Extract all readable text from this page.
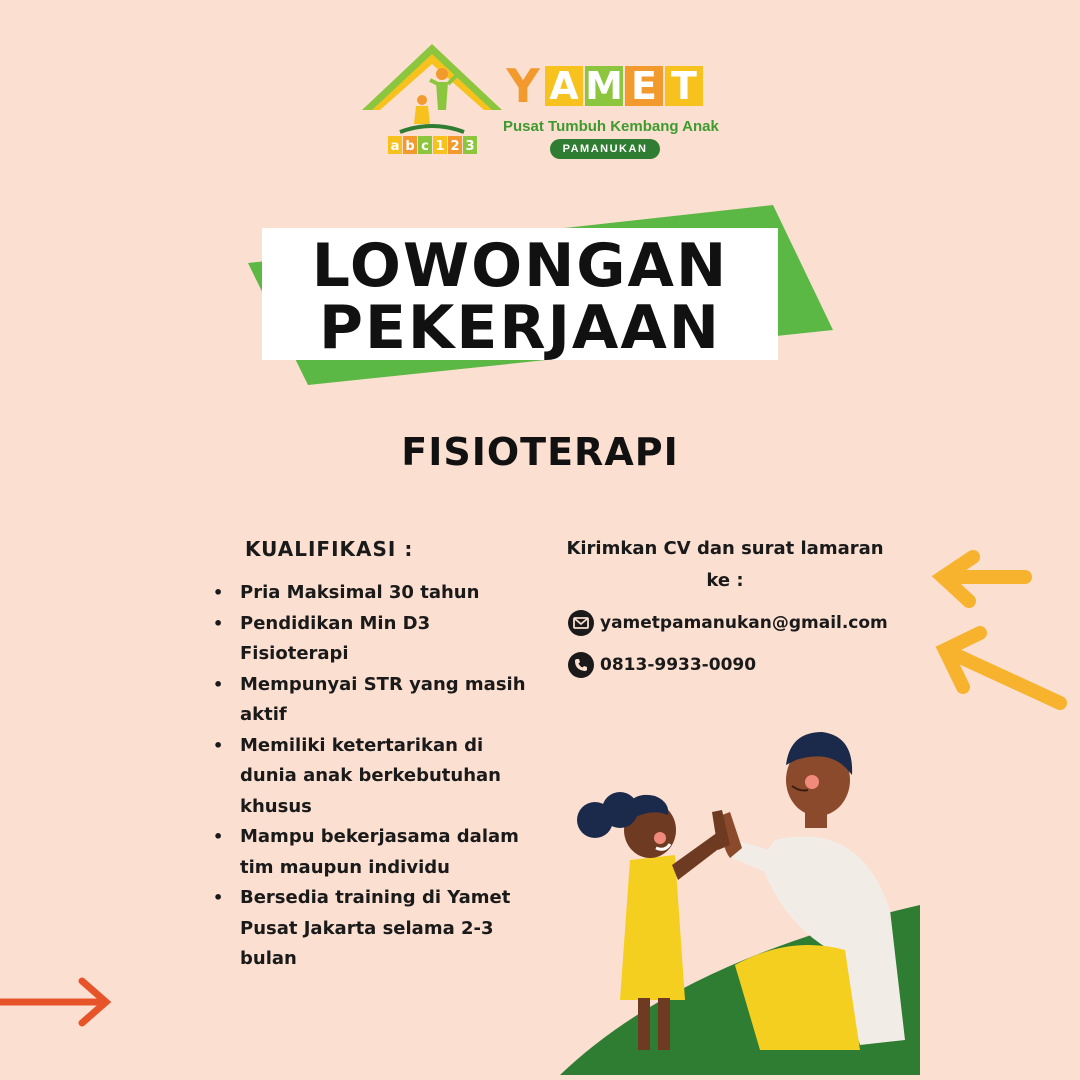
a b c 1 2 3
Y A M E T
Pusat Tumbuh Kembang Anak
PAMANUKAN
LOWONGAN
PEKERJAAN
FISIOTERAPI
KUALIFIKASI :
• Pria Maksimal 30 tahun
• Pendidikan Min D3 Fisioterapi
• Mempunyai STR yang masih aktif
• Memiliki ketertarikan di dunia anak berkebutuhan khusus
• Mampu bekerjasama dalam tim maupun individu
• Bersedia training di Yamet Pusat Jakarta selama 2-3 bulan
Kirimkan CV dan surat lamaran ke :
yametpamanukan@gmail.com
0813-9933-0090
